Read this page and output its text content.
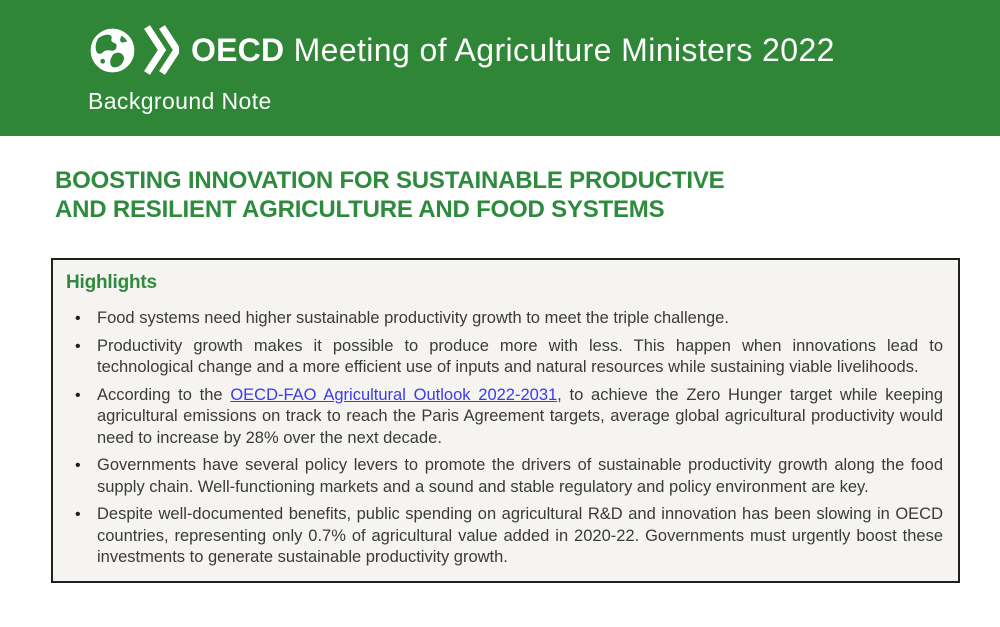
OECD Meeting of Agriculture Ministers 2022
Background Note
BOOSTING INNOVATION FOR SUSTAINABLE PRODUCTIVE
AND RESILIENT AGRICULTURE AND FOOD SYSTEMS
Highlights
• Food systems need higher sustainable productivity growth to meet the triple challenge.
• Productivity growth makes it possible to produce more with less. This happen when innovations lead to technological change and a more efficient use of inputs and natural resources while sustaining viable livelihoods.
• According to the OECD-FAO Agricultural Outlook 2022-2031, to achieve the Zero Hunger target while keeping agricultural emissions on track to reach the Paris Agreement targets, average global agricultural productivity would need to increase by 28% over the next decade.
• Governments have several policy levers to promote the drivers of sustainable productivity growth along the food supply chain. Well-functioning markets and a sound and stable regulatory and policy environment are key.
• Despite well-documented benefits, public spending on agricultural R&D and innovation has been slowing in OECD countries, representing only 0.7% of agricultural value added in 2020-22. Governments must urgently boost these investments to generate sustainable productivity growth.
